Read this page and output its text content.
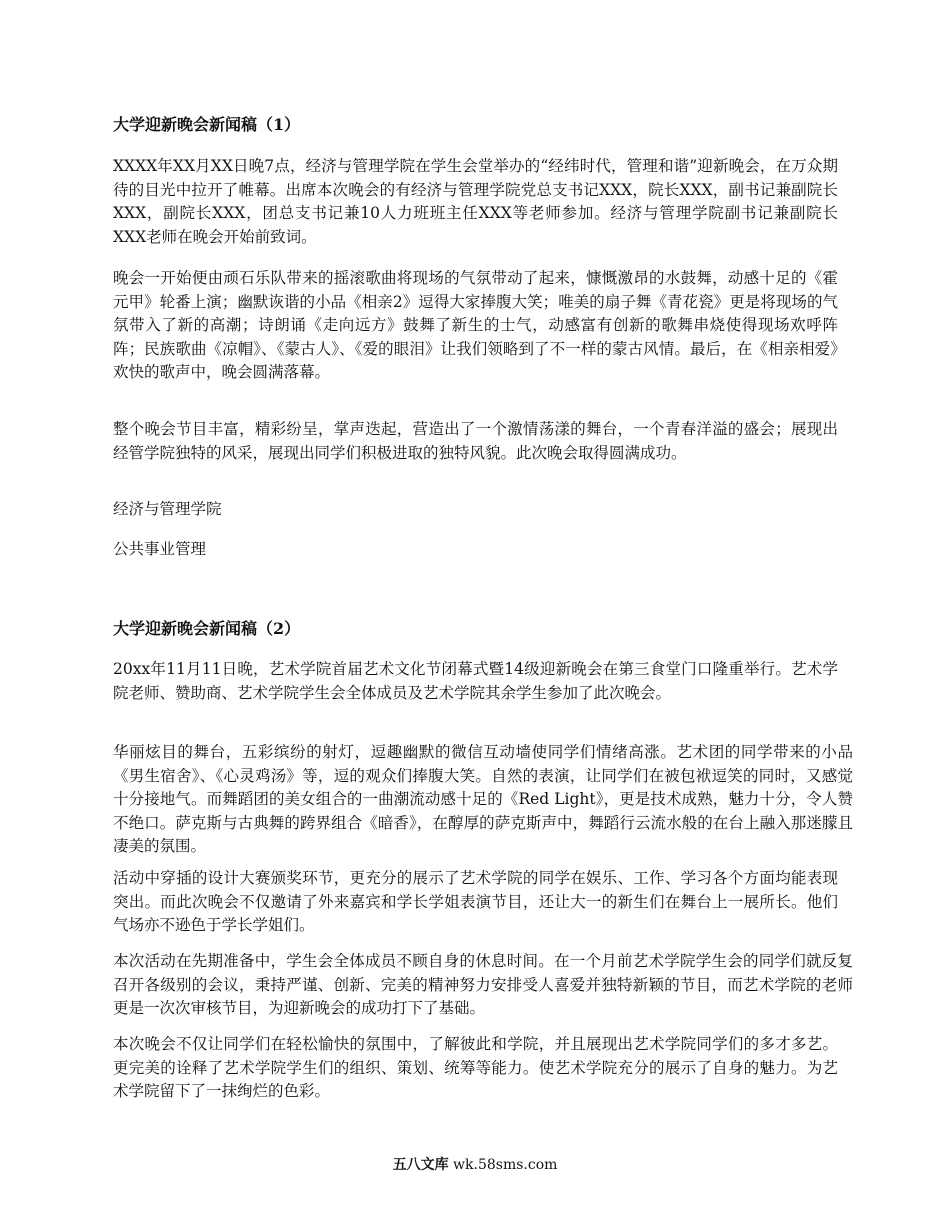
大学迎新晚会新闻稿（1）

XXXX年XX月XX日晚7点，经济与管理学院在学生会堂举办的“经纬时代，管理和谐”迎新晚会，在万众期待的目光中拉开了帷幕。出席本次晚会的有经济与管理学院党总支书记XXX，院长XXX，副书记兼副院长XXX，副院长XXX，团总支书记兼10人力班班主任XXX等老师参加。经济与管理学院副书记兼副院长XXX老师在晚会开始前致词。

晚会一开始便由顽石乐队带来的摇滚歌曲将现场的气氛带动了起来，慷慨激昂的水鼓舞，动感十足的《霍元甲》轮番上演；幽默诙谐的小品《相亲2》逗得大家捧腹大笑；唯美的扇子舞《青花瓷》更是将现场的气氛带入了新的高潮；诗朗诵《走向远方》鼓舞了新生的士气，动感富有创新的歌舞串烧使得现场欢呼阵阵；民族歌曲《凉帽》、《蒙古人》、《爱的眼泪》让我们领略到了不一样的蒙古风情。最后，在《相亲相爱》欢快的歌声中，晚会圆满落幕。

整个晚会节目丰富，精彩纷呈，掌声迭起，营造出了一个激情荡漾的舞台，一个青春洋溢的盛会；展现出经管学院独特的风采，展现出同学们积极进取的独特风貌。此次晚会取得圆满成功。

经济与管理学院

公共事业管理

大学迎新晚会新闻稿（2）

20xx年11月11日晚，艺术学院首届艺术文化节闭幕式暨14级迎新晚会在第三食堂门口隆重举行。艺术学院老师、赞助商、艺术学院学生会全体成员及艺术学院其余学生参加了此次晚会。

华丽炫目的舞台，五彩缤纷的射灯，逗趣幽默的微信互动墙使同学们情绪高涨。艺术团的同学带来的小品《男生宿舍》、《心灵鸡汤》等，逗的观众们捧腹大笑。自然的表演，让同学们在被包袱逗笑的同时，又感觉十分接地气。而舞蹈团的美女组合的一曲潮流动感十足的《Red Light》，更是技术成熟，魅力十分，令人赞不绝口。萨克斯与古典舞的跨界组合《暗香》，在醇厚的萨克斯声中，舞蹈行云流水般的在台上融入那迷朦且凄美的氛围。

活动中穿插的设计大赛颁奖环节，更充分的展示了艺术学院的同学在娱乐、工作、学习各个方面均能表现突出。而此次晚会不仅邀请了外来嘉宾和学长学姐表演节目，还让大一的新生们在舞台上一展所长。他们气场亦不逊色于学长学姐们。

本次活动在先期准备中，学生会全体成员不顾自身的休息时间。在一个月前艺术学院学生会的同学们就反复召开各级别的会议，秉持严谨、创新、完美的精神努力安排受人喜爱并独特新颖的节目，而艺术学院的老师更是一次次审核节目，为迎新晚会的成功打下了基础。

本次晚会不仅让同学们在轻松愉快的氛围中，了解彼此和学院，并且展现出艺术学院同学们的多才多艺。更完美的诠释了艺术学院学生们的组织、策划、统筹等能力。使艺术学院充分的展示了自身的魅力。为艺术学院留下了一抹绚烂的色彩。

五八文库 wk.58sms.com
